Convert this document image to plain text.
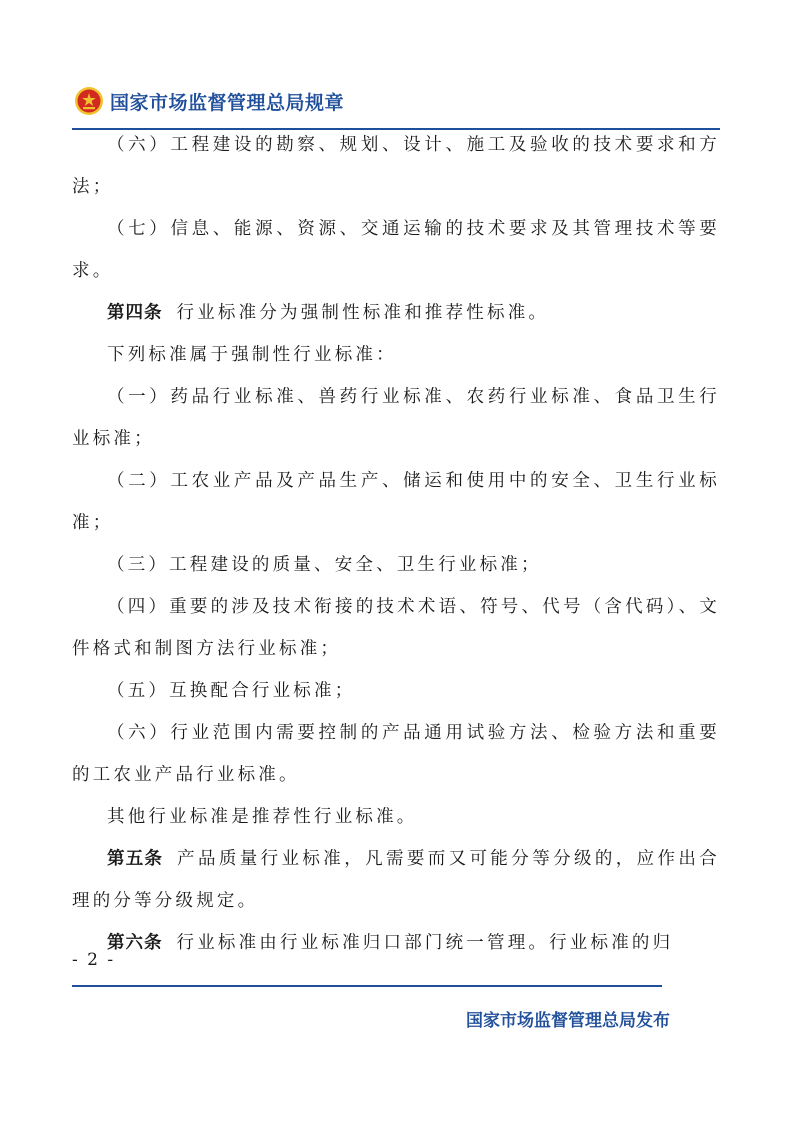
国家市场监督管理总局规章

（六）工程建设的勘察、规划、设计、施工及验收的技术要求和方法；

（七）信息、能源、资源、交通运输的技术要求及其管理技术等要求。

第四条 行业标准分为强制性标准和推荐性标准。

下列标准属于强制性行业标准：

（一）药品行业标准、兽药行业标准、农药行业标准、食品卫生行业标准；

（二）工农业产品及产品生产、储运和使用中的安全、卫生行业标准；

（三）工程建设的质量、安全、卫生行业标准；

（四）重要的涉及技术衔接的技术术语、符号、代号（含代码）、文件格式和制图方法行业标准；

（五）互换配合行业标准；

（六）行业范围内需要控制的产品通用试验方法、检验方法和重要的工农业产品行业标准。

其他行业标准是推荐性行业标准。

第五条 产品质量行业标准，凡需要而又可能分等分级的，应作出合理的分等分级规定。

第六条 行业标准由行业标准归口部门统一管理。行业标准的归

- 2 -
国家市场监督管理总局发布
